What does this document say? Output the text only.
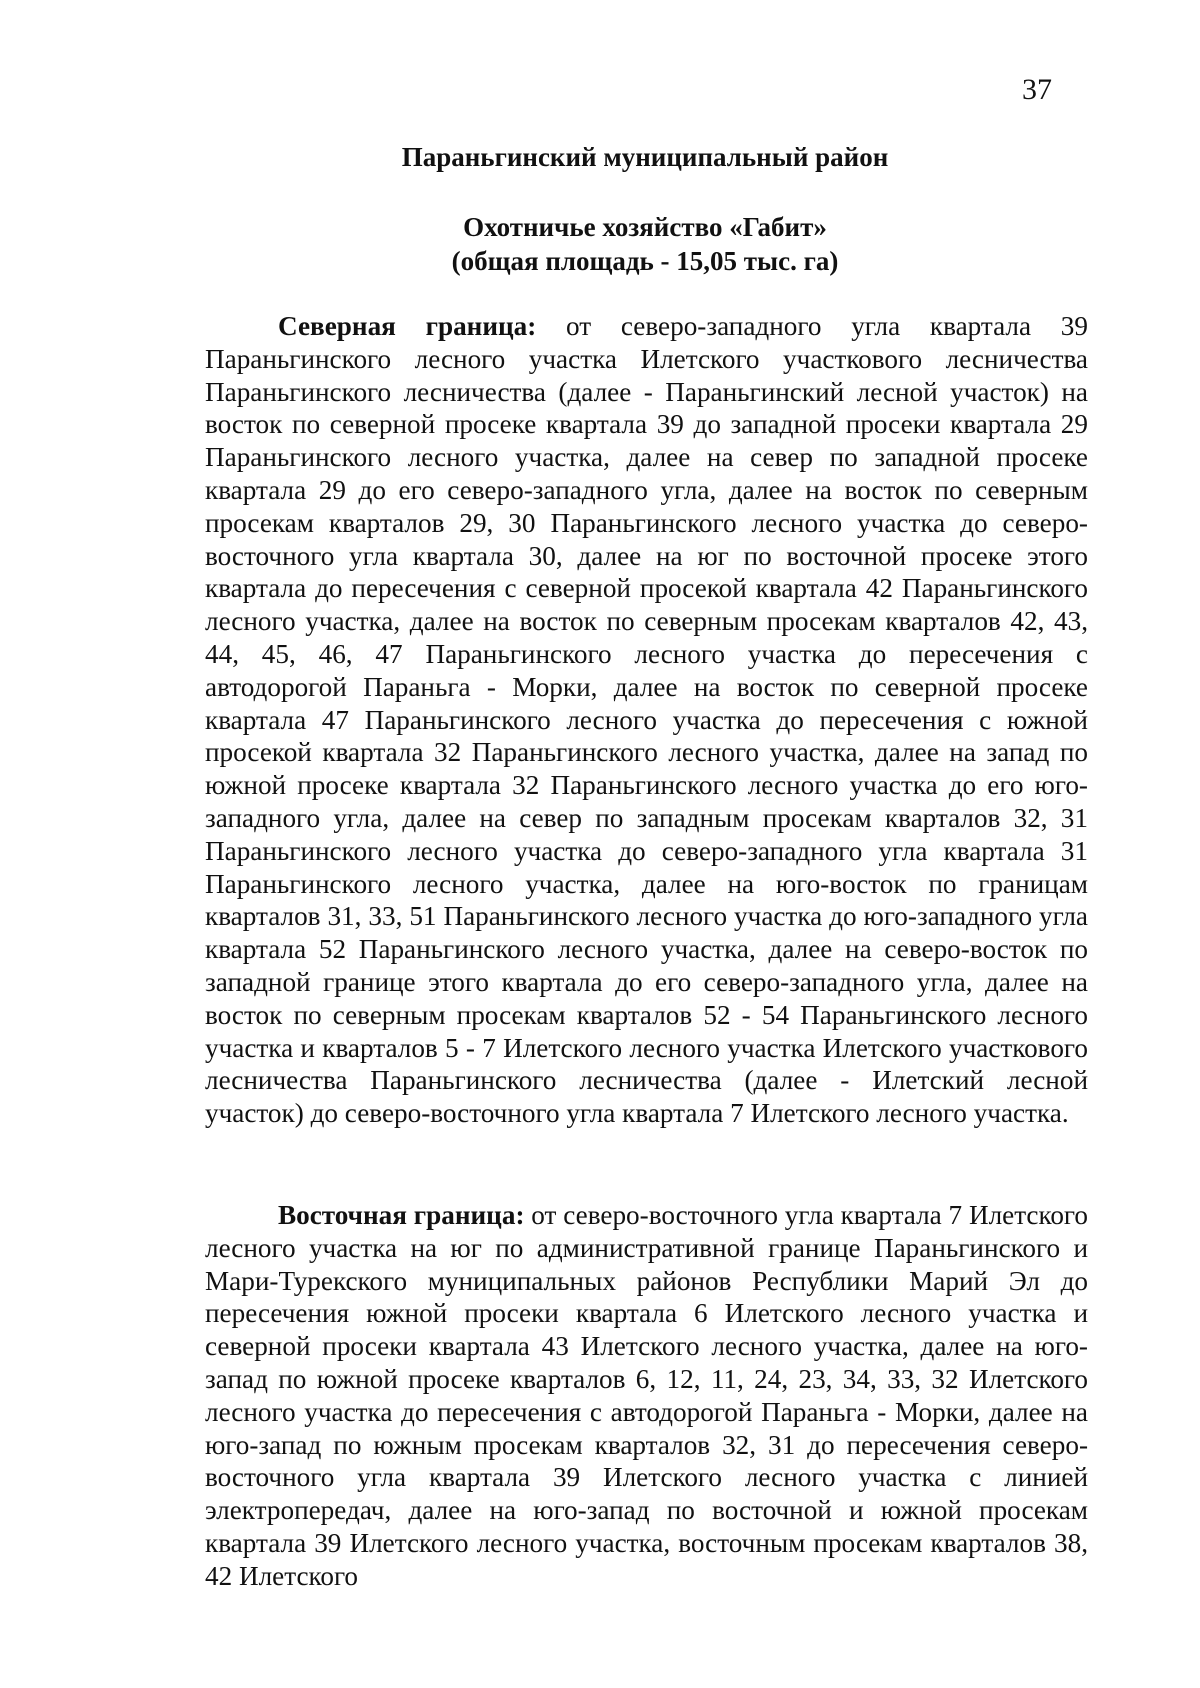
37
Параньгинский муниципальный район
Охотничье хозяйство «Габит»
(общая площадь - 15,05 тыс. га)

Северная граница: от северо-западного угла квартала 39 Параньгинского лесного участка Илетского участкового лесничества Параньгинского лесничества (далее - Параньгинский лесной участок) на восток по северной просеке квартала 39 до западной просеки квартала 29 Параньгинского лесного участка, далее на север по западной просеке квартала 29 до его северо-западного угла, далее на восток по северным просекам кварталов 29, 30 Параньгинского лесного участка до северо-восточного угла квартала 30, далее на юг по восточной просеке этого квартала до пересечения с северной просекой квартала 42 Параньгинского лесного участка, далее на восток по северным просекам кварталов 42, 43, 44, 45, 46, 47 Параньгинского лесного участка до пересечения с автодорогой Параньга - Морки, далее на восток по северной просеке квартала 47 Параньгинского лесного участка до пересечения с южной просекой квартала 32 Параньгинского лесного участка, далее на запад по южной просеке квартала 32 Параньгинского лесного участка до его юго-западного угла, далее на север по западным просекам кварталов 32, 31 Параньгинского лесного участка до северо-западного угла квартала 31 Параньгинского лесного участка, далее на юго-восток по границам кварталов 31, 33, 51 Параньгинского лесного участка до юго-западного угла квартала 52 Параньгинского лесного участка, далее на северо-восток по западной границе этого квартала до его северо-западного угла, далее на восток по северным просекам кварталов 52 - 54 Параньгинского лесного участка и кварталов 5 - 7 Илетского лесного участка Илетского участкового лесничества Параньгинского лесничества (далее - Илетский лесной участок) до северо-восточного угла квартала 7 Илетского лесного участка.

Восточная граница: от северо-восточного угла квартала 7 Илетского лесного участка на юг по административной границе Параньгинского и Мари-Турекского муниципальных районов Республики Марий Эл до пересечения южной просеки квартала 6 Илетского лесного участка и северной просеки квартала 43 Илетского лесного участка, далее на юго-запад по южной просеке кварталов 6, 12, 11, 24, 23, 34, 33, 32 Илетского лесного участка до пересечения с автодорогой Параньга - Морки, далее на юго-запад по южным просекам кварталов 32, 31 до пересечения северо-восточного угла квартала 39 Илетского лесного участка с линией электропередач, далее на юго-запад по восточной и южной просекам квартала 39 Илетского лесного участка, восточным просекам кварталов 38, 42 Илетского
